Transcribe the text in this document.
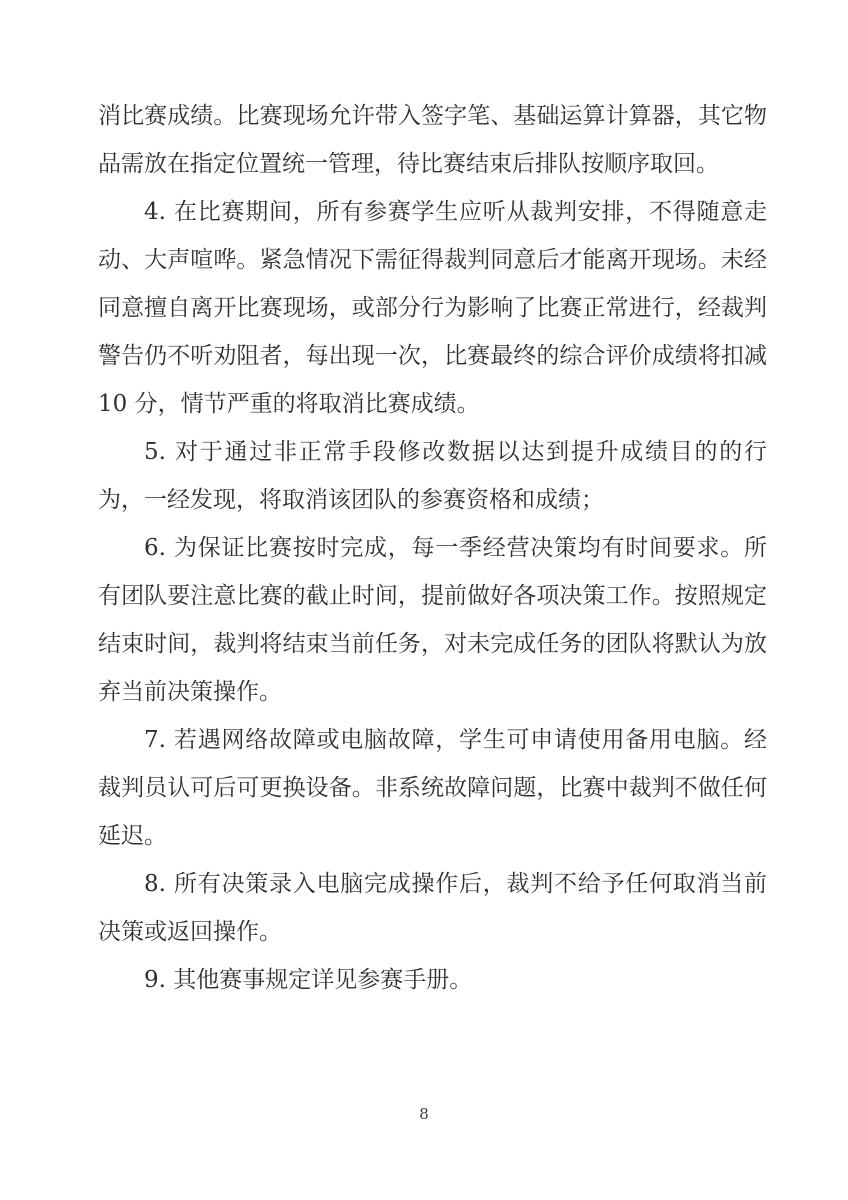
消比赛成绩。比赛现场允许带入签字笔、基础运算计算器，其它物品需放在指定位置统一管理，待比赛结束后排队按顺序取回。

4. 在比赛期间，所有参赛学生应听从裁判安排，不得随意走动、大声喧哗。紧急情况下需征得裁判同意后才能离开现场。未经同意擅自离开比赛现场，或部分行为影响了比赛正常进行，经裁判警告仍不听劝阻者，每出现一次，比赛最终的综合评价成绩将扣减 10 分，情节严重的将取消比赛成绩。

5. 对于通过非正常手段修改数据以达到提升成绩目的的行为，一经发现，将取消该团队的参赛资格和成绩；

6. 为保证比赛按时完成，每一季经营决策均有时间要求。所有团队要注意比赛的截止时间，提前做好各项决策工作。按照规定结束时间，裁判将结束当前任务，对未完成任务的团队将默认为放弃当前决策操作。

7. 若遇网络故障或电脑故障，学生可申请使用备用电脑。经裁判员认可后可更换设备。非系统故障问题，比赛中裁判不做任何延迟。

8. 所有决策录入电脑完成操作后，裁判不给予任何取消当前决策或返回操作。

9. 其他赛事规定详见参赛手册。

8
